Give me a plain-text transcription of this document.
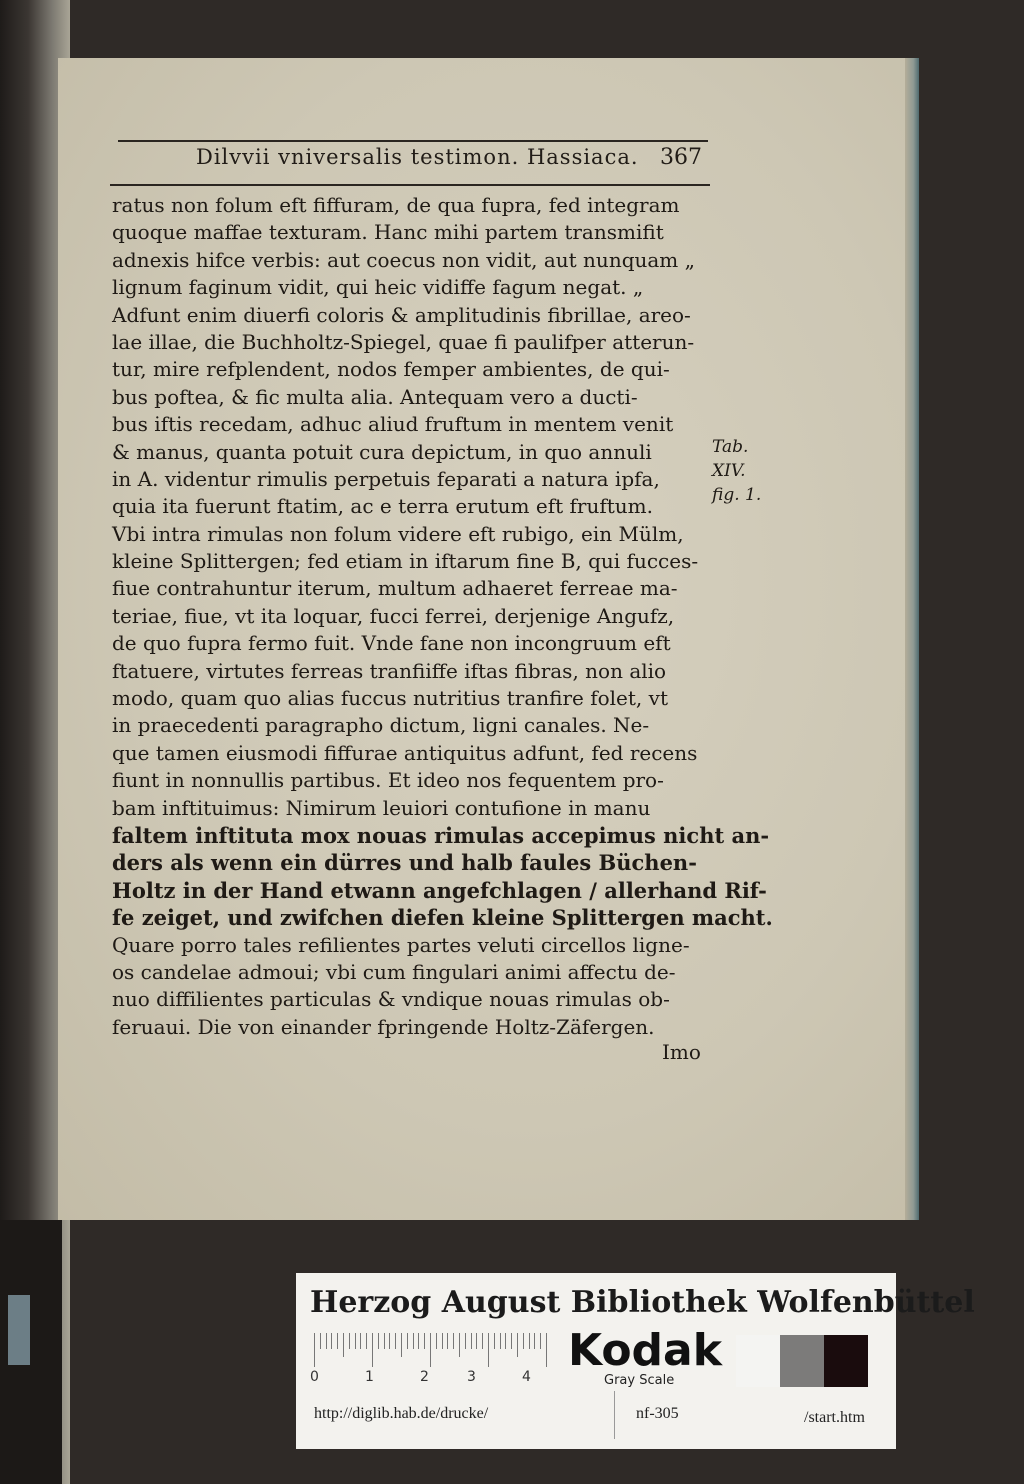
Dilvvii vniversalis testimon. Hassiaca. 367
ratus non folum eft fiffuram, de qua fupra, fed integram
quoque maffae texturam. Hanc mihi partem transmifit
adnexis hifce verbis: aut coecus non vidit, aut nunquam „
lignum faginum vidit, qui heic vidiffe fagum negat. „
Adfunt enim diuerfi coloris & amplitudinis fibrillae, areo-
lae illae, die Buchholtz-Spiegel, quae fi paulifper atterun-
tur, mire refplendent, nodos femper ambientes, de qui-
bus poftea, & fic multa alia. Antequam vero a ducti-
bus iftis recedam, adhuc aliud fruftum in mentem venit
& manus, quanta potuit cura depictum, in quo annuli
in A. videntur rimulis perpetuis feparati a natura ipfa,
quia ita fuerunt ftatim, ac e terra erutum eft fruftum.
Vbi intra rimulas non folum videre eft rubigo, ein Mülm,
kleine Splittergen; fed etiam in iftarum fine B, qui fucces-
fiue contrahuntur iterum, multum adhaeret ferreae ma-
teriae, fiue, vt ita loquar, fucci ferrei, derjenige Angufz,
de quo fupra fermo fuit. Vnde fane non incongruum eft
ftatuere, virtutes ferreas tranfiiffe iftas fibras, non alio
modo, quam quo alias fuccus nutritius tranfire folet, vt
in praecedenti paragrapho dictum, ligni canales. Ne-
que tamen eiusmodi fiffurae antiquitus adfunt, fed recens
fiunt in nonnullis partibus. Et ideo nos fequentem pro-
bam inftituimus: Nimirum leuiori contufione in manu
faltem inftituta mox nouas rimulas accepimus nicht an-
ders als wenn ein dürres und halb faules Büchen-
Holtz in der Hand etwann angefchlagen / allerhand Rif-
fe zeiget, und zwifchen diefen kleine Splittergen macht.
Quare porro tales refilientes partes veluti circellos ligne-
os candelae admoui; vbi cum fingulari animi affectu de-
nuo diffilientes particulas & vndique nouas rimulas ob-
feruaui. Die von einander fpringende Holtz-Zäfergen.
Tab.
XIV.
fig. 1.
Imo
Herzog August Bibliothek Wolfenbüttel
0	1	2	3	4
Kodak
Gray Scale
http://diglib.hab.de/drucke/	nf-305	/start.htm
